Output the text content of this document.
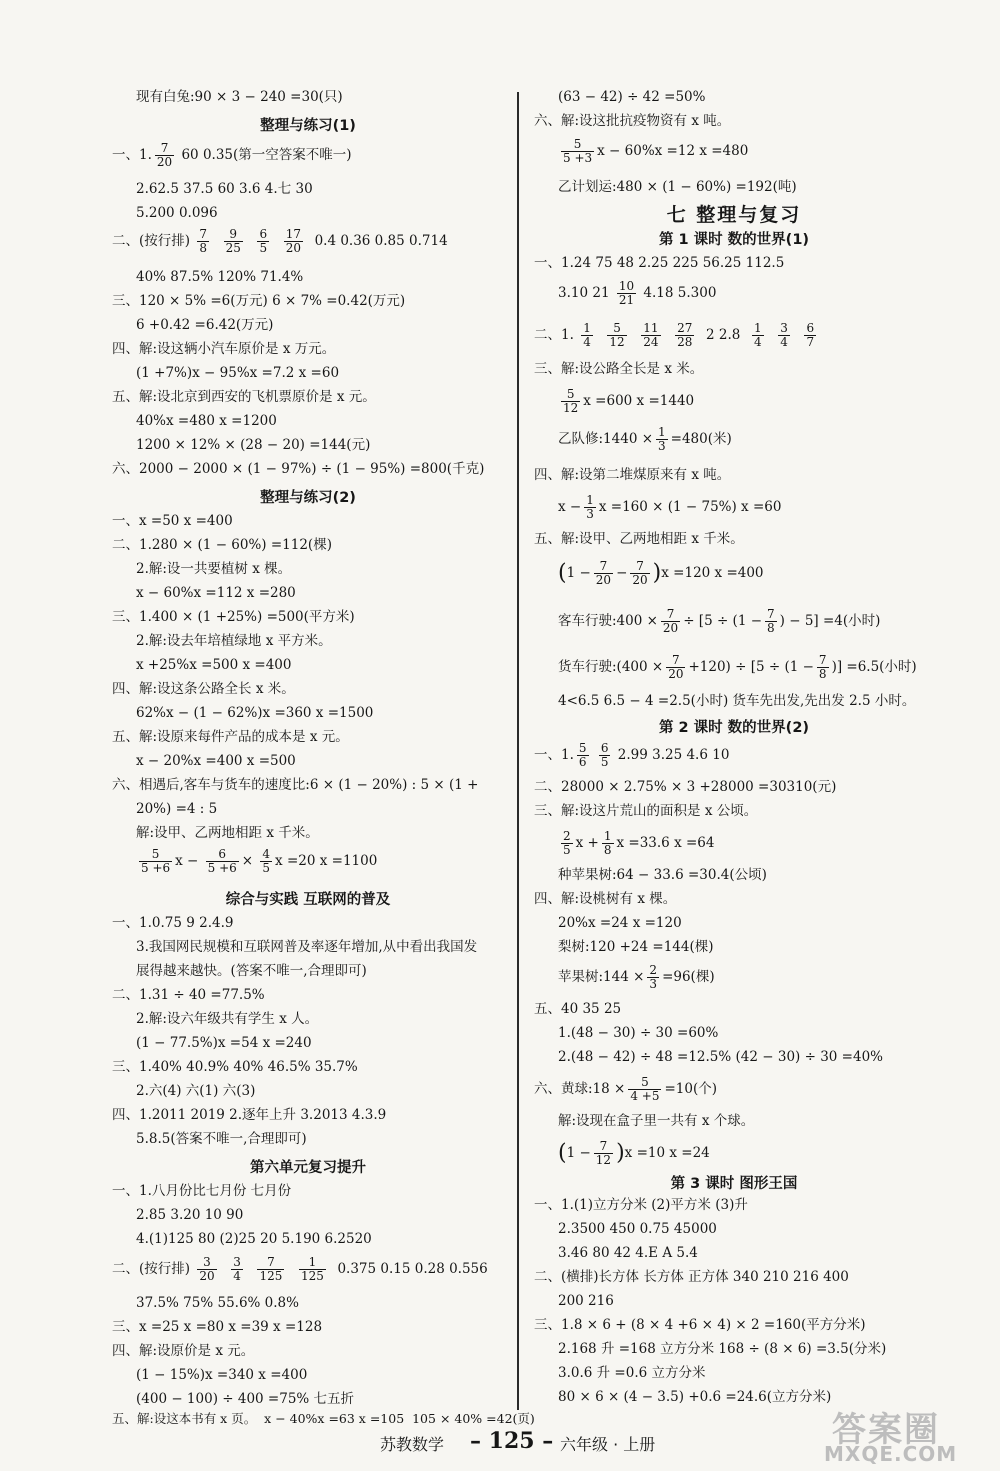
现有白兔:90 × 3 − 240 =30(只)
整理与练习(1)
一、1. $\frac{7}{20} 60$ 0.35(第一空答案不唯一)
2.62.5 37.5 60 3.6 4.七 30
5.200 0.096
二、(按行排) $\frac{7}{8}$
$\frac{9}{25}$
$\frac{6}{5}$
$\frac{17}{20} 0.4$ 0.36 0.85 0.714
40% 87.5% 120% 71.4%
三、120 × 5% =6(万元) 6 × 7% =0.42(万元)
6 +0.42 =6.42(万元)
四、解:设这辆小汽车原价是 x 万元。
(1 +7%)x − 95%x =7.2 x =60
五、解:设北京到西安的飞机票原价是 x 元。
40%x =480 x =1200
1200 × 12% × (28 − 20) =144(元)
六、2000 − 2000 × (1 − 97%) ÷ (1 − 95%) =800(千克)
整理与练习(2)
一、x =50 x =400
二、1.280 × (1 − 60%) =112(棵)
2.解:设一共要植树 x 棵。
x − 60%x =112 x =280
三、1.400 × (1 +25%) =500(平方米)
2.解:设去年培植绿地 x 平方米。
x +25%x =500 x =400
四、解:设这条公路全长 x 米。
62%x − (1 − 62%)x =360 x =1500
五、解:设原来每件产品的成本是 x 元。
x − 20%x =400 x =500
六、相遇后,客车与货车的速度比:6 × (1 − 20%) : 5 × (1 +
20%) =4 : 5
解:设甲、乙两地相距 x 千米。
$\frac{5}{5 +6}$ $x - \frac{6}{5 +6} \times \frac{4}{5}$ x =20 x =1100
综合与实践 互联网的普及
一、1.0.75 9 2.4.9
3.我国网民规模和互联网普及率逐年增加,从中看出我国发
展得越来越快。(答案不唯一,合理即可)
二、1.31 ÷ 40 =77.5%
2.解:设六年级共有学生 x 人。
(1 − 77.5%)x =54 x =240
三、1.40% 40.9% 40% 46.5% 35.7%
2.六(4) 六(1) 六(3)
四、1.2011 2019 2.逐年上升 3.2013 4.3.9
5.8.5(答案不唯一,合理即可)
第六单元复习提升
一、1.八月份比七月份 七月份
2.85 3.20 10 90
4.(1)125 80 (2)25 20 5.190 6.2520
二、(按行排) $\frac{3}{20}$
$\frac{3}{4}$
$\frac{7}{125}$
$\frac{1}{125} 0.375$ 0.15 0.28 0.556
37.5% 75% 55.6% 0.8%
三、x =25 x =80 x =39 x =128
四、解:设原价是 x 元。
(1 − 15%)x =340 x =400
(400 − 100) ÷ 400 =75% 七五折
(63 − 42) ÷ 42 =50%
六、解:设这批抗疫物资有 x 吨。
$\frac{5}{5 +3}$ x − 60%x =12 x =480
乙计划运:480 × (1 − 60%) =192(吨)
七 整理与复习
第 1 课时 数的世界(1)
一、1.24 75 48 2.25 225 56.25 112.5
3.10 $21 \frac{10}{21} 4.18$ 5.300
二、1. $\frac{1}{4}$
$\frac{5}{12}$
$\frac{11}{24}$
$\frac{27}{28} 2$ $2.8 \frac{1}{4}$
$\frac{3}{4}$
$\frac{6}{7}$
三、解:设公路全长是 x 米。
$\frac{5}{12}$ x =600 x =1440
乙队修:1440 × $\frac{1}{3} =480$(米)
四、解:设第二堆煤原来有 x 吨。
$x - \frac{1}{3}$ x =160 × (1 − 75%) x =60
五、解:设甲、乙两地相距 x 千米。
$(1 - \frac{7}{20} - \frac{7}{20} )x =120$ x =400
客车行驶:400 × $\frac{7}{20} \div [5 \div (1 - \frac{7}{8}$ ) − 5] =4(小时)
货车行驶:(400 × $\frac{7}{20} +120) \div [5 \div (1 - \frac{7}{8}$ )] =6.5(小时)
4<6.5 6.5 − 4 =2.5(小时) 货车先出发,先出发 2.5 小时。
第 2 课时 数的世界(2)
一、1. $\frac{5}{6}$
$\frac{6}{5} 2.99$ 3.25 4.6 10
二、28000 × 2.75% × 3 +28000 =30310(元)
三、解:设这片荒山的面积是 x 公顷。
$\frac{2}{5}$ $x + \frac{1}{8}$ x =33.6 x =64
种苹果树:64 − 33.6 =30.4(公顷)
四、解:设桃树有 x 棵。
20%x =24 x =120
梨树:120 +24 =144(棵)
苹果树:144 × $\frac{2}{3} =96$(棵)
五、40 35 25
1.(48 − 30) ÷ 30 =60%
2.(48 − 42) ÷ 48 =12.5% (42 − 30) ÷ 30 =40%
六、黄球:18 × $\frac{5}{4 +5} =10$(个)
解:设现在盒子里一共有 x 个球。
$(1 - \frac{7}{12} )x =10$ x =24
第 3 课时 图形王国
一、1.(1)立方分米 (2)平方米 (3)升
2.3500 450 0.75 45000
3.46 80 42 4.E A 5.4
二、(横排)长方体 长方体 正方体 340 210 216 400
200 216
三、1.8 × 6 + (8 × 4 +6 × 4) × 2 =160(平方分米)
2.168 升 =168 立方分米 168 ÷ (8 × 6) =3.5(分米)
3.0.6 升 =0.6 立方分米
80 × 6 × (4 − 3.5) +0.6 =24.6(立方分米)
五、解:设这本书有 x 页。 x − 40%x =63 x =105 105 × 40% =42(页)
苏教数学 – 125 – 六年级 · 上册	答案圈
MXQE.COM
